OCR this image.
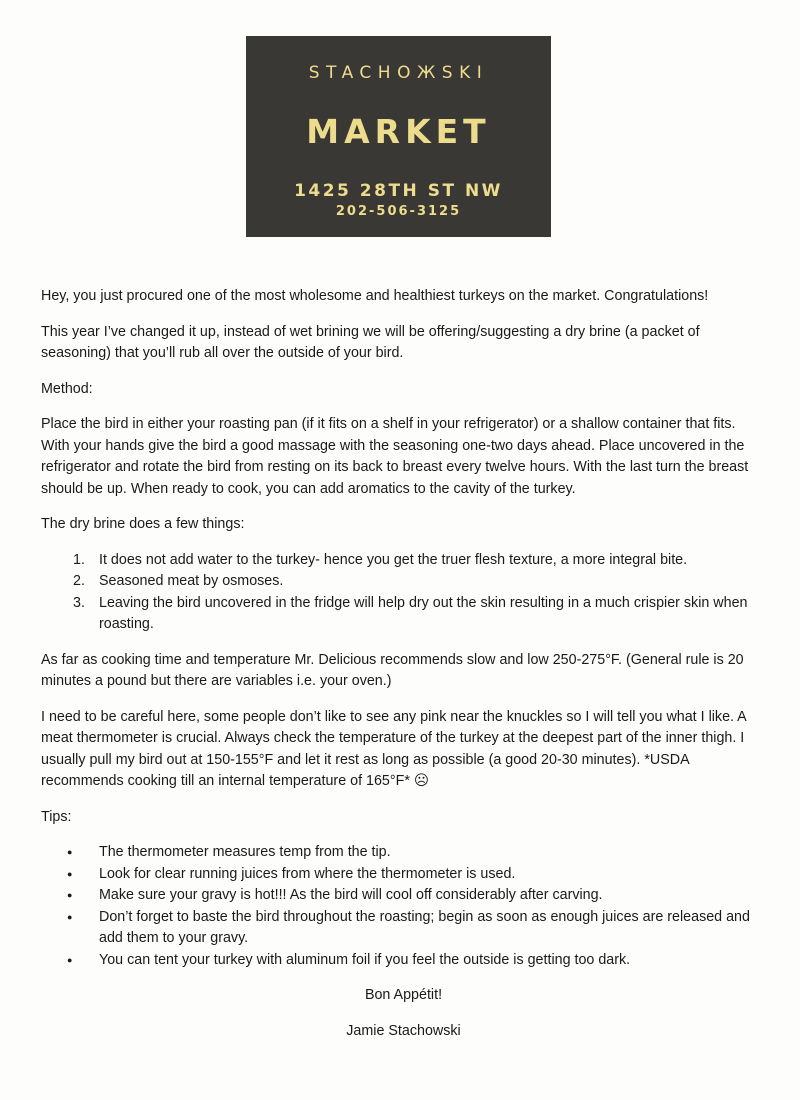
STACHOЖSKI
MARKET
1425 28TH ST NW
202-506-3125

Hey, you just procured one of the most wholesome and healthiest turkeys on the market. Congratulations!

This year I’ve changed it up, instead of wet brining we will be offering/suggesting a dry brine (a packet of seasoning) that you’ll rub all over the outside of your bird.

Method:

Place the bird in either your roasting pan (if it fits on a shelf in your refrigerator) or a shallow container that fits. With your hands give the bird a good massage with the seasoning one-two days ahead. Place uncovered in the refrigerator and rotate the bird from resting on its back to breast every twelve hours. With the last turn the breast should be up. When ready to cook, you can add aromatics to the cavity of the turkey.

The dry brine does a few things:

1. It does not add water to the turkey- hence you get the truer flesh texture, a more integral bite.
2. Seasoned meat by osmoses.
3. Leaving the bird uncovered in the fridge will help dry out the skin resulting in a much crispier skin when roasting.

As far as cooking time and temperature Mr. Delicious recommends slow and low 250-275°F. (General rule is 20 minutes a pound but there are variables i.e. your oven.)

I need to be careful here, some people don’t like to see any pink near the knuckles so I will tell you what I like. A meat thermometer is crucial. Always check the temperature of the turkey at the deepest part of the inner thigh. I usually pull my bird out at 150-155°F and let it rest as long as possible (a good 20-30 minutes). *USDA recommends cooking till an internal temperature of 165°F* ☹

Tips:

● The thermometer measures temp from the tip.
● Look for clear running juices from where the thermometer is used.
● Make sure your gravy is hot!!! As the bird will cool off considerably after carving.
● Don’t forget to baste the bird throughout the roasting; begin as soon as enough juices are released and add them to your gravy.
● You can tent your turkey with aluminum foil if you feel the outside is getting too dark.

Bon Appétit!

Jamie Stachowski
